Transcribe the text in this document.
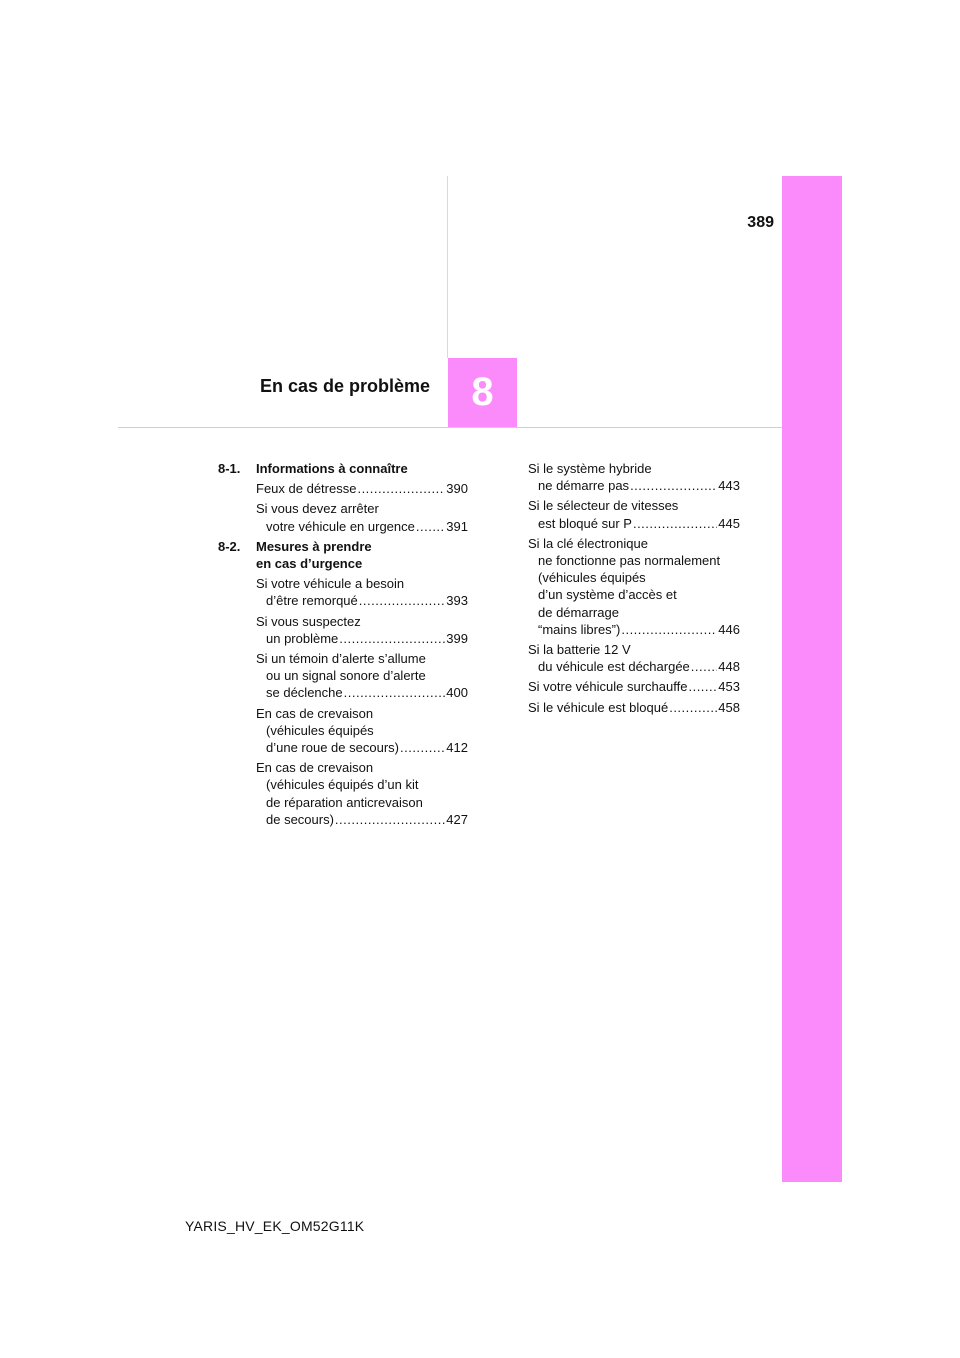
389
En cas de problème	8
8-1.	Informations à connaître
Feux de détresse .....	390
Si vous devez arrêter
votre véhicule en urgence ..... 391
8-2.	Mesures à prendre
en cas d’urgence
Si votre véhicule a besoin
d’être remorqué .....	393
Si vous suspectez
un problème .....	399
Si un témoin d’alerte s’allume
ou un signal sonore d’alerte
se déclenche .....	400
En cas de crevaison
(véhicules équipés
d’une roue de secours) .....	412
En cas de crevaison
(véhicules équipés d’un kit
de réparation anticrevaison
de secours) .....	427
Si le système hybride
ne démarre pas .....	443
Si le sélecteur de vitesses
est bloqué sur P .....	445
Si la clé électronique
ne fonctionne pas normalement
(véhicules équipés
d’un système d’accès et
de démarrage
“mains libres”) .....	446
Si la batterie 12 V
du véhicule est déchargée ..... 448
Si votre véhicule surchauffe ..... 453
Si le véhicule est bloqué .....	458
YARIS_HV_EK_OM52G11K
